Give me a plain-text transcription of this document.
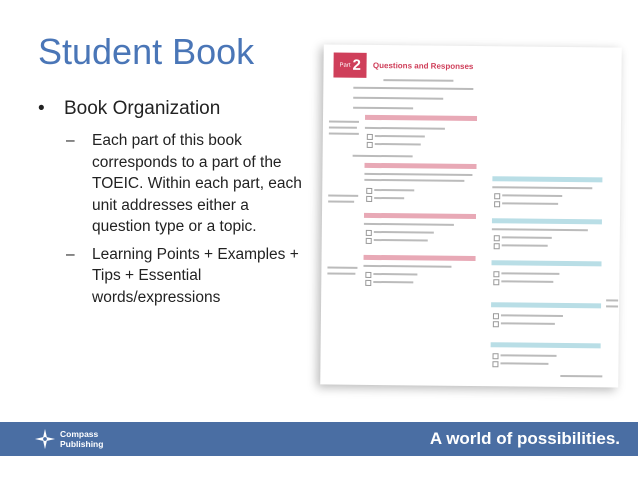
Student Book
•	Book Organization
–	Each part of this book corresponds to a part of the TOEIC. Within each part, each unit addresses either a question type or a topic.
–	Learning Points + Examples + Tips + Essential words/expressions
Part 2 Questions and Responses
Compass
Publishing	A world of possibilities.
